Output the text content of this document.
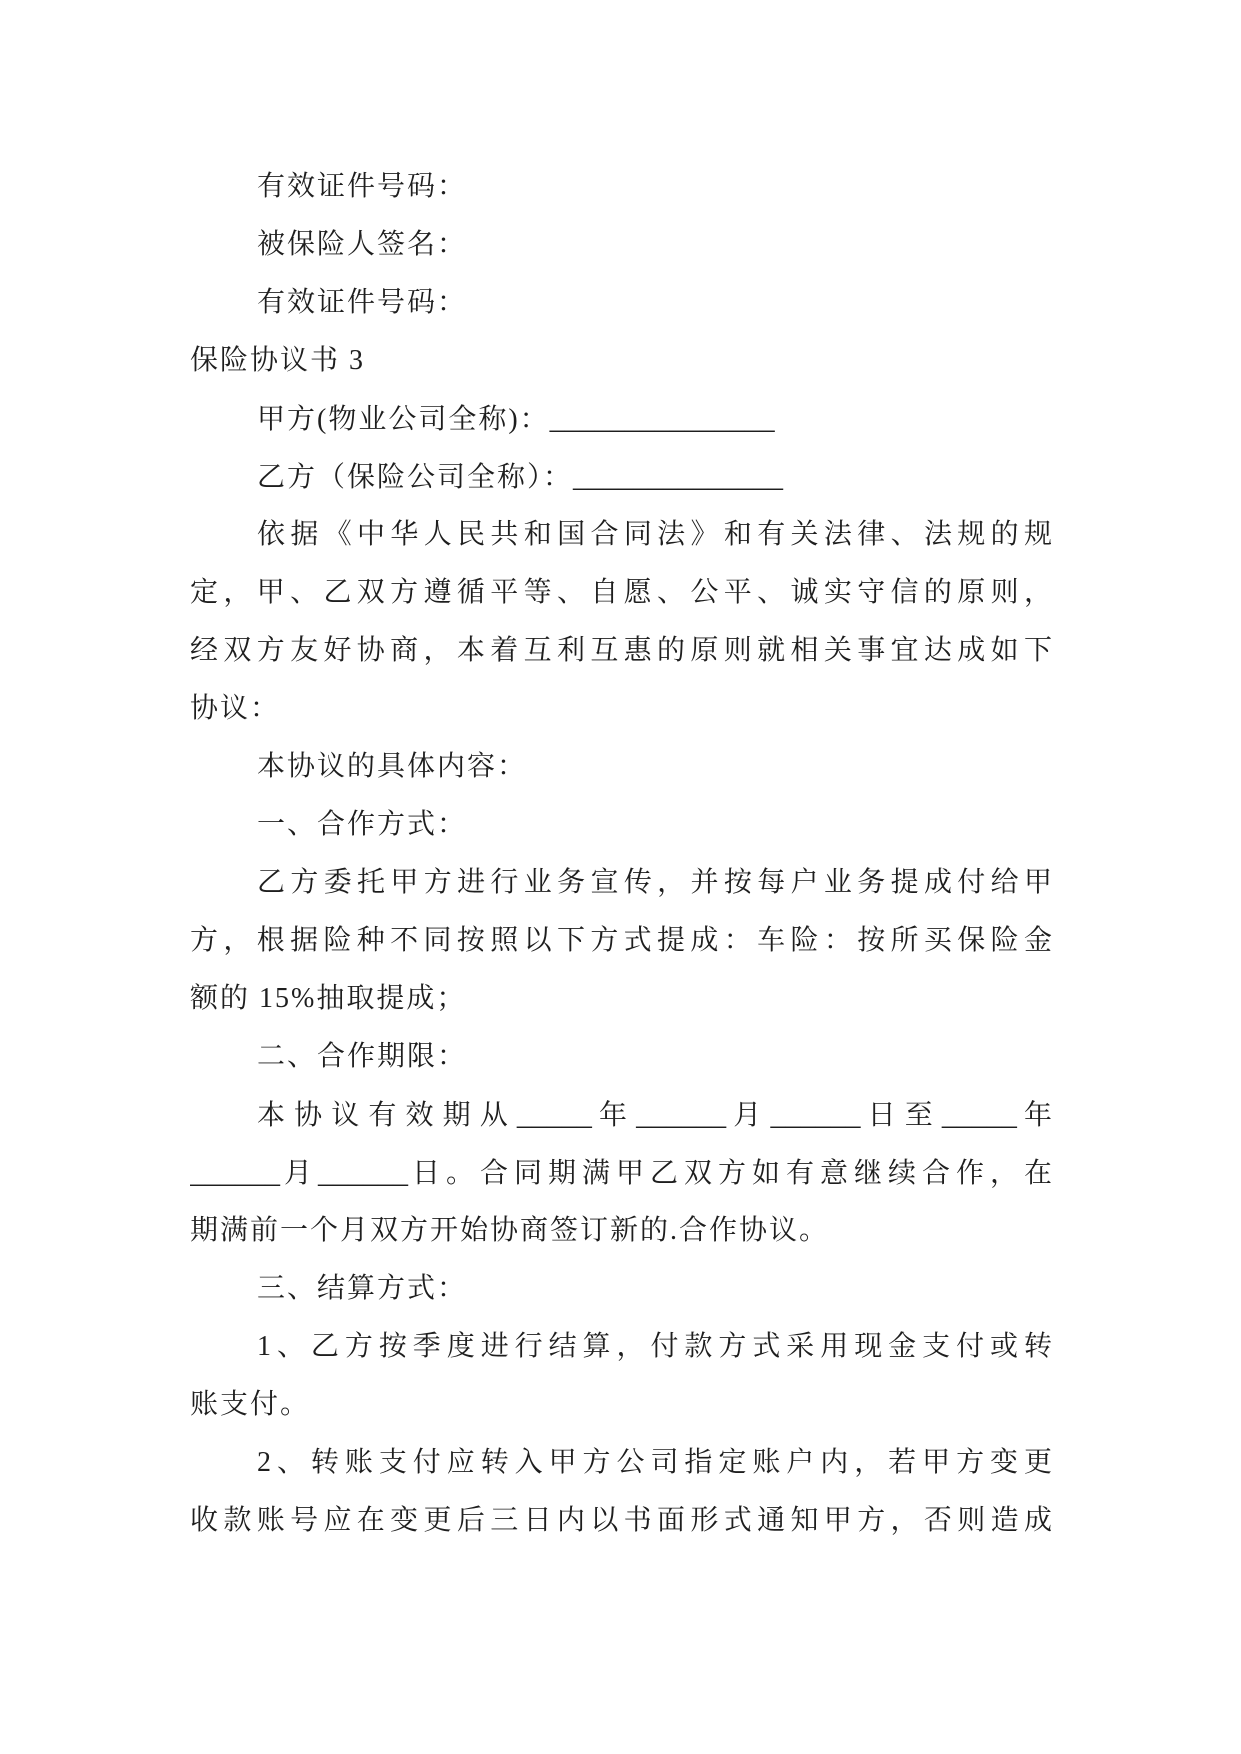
有效证件号码：
被保险人签名：
有效证件号码：
保险协议书 3
甲方(物业公司全称)：_______________
乙方（保险公司全称）：______________
依据《中华人民共和国合同法》和有关法律、法规的规
定，甲、乙双方遵循平等、自愿、公平、诚实守信的原则，
经双方友好协商，本着互利互惠的原则就相关事宜达成如下
协议：
本协议的具体内容：
一、合作方式：
乙方委托甲方进行业务宣传，并按每户业务提成付给甲
方，根据险种不同按照以下方式提成：车险：按所买保险金
额的 15%抽取提成；
二、合作期限：
本协议有效期从_____年______月______日至_____年
______月______日。合同期满甲乙双方如有意继续合作，在
期满前一个月双方开始协商签订新的.合作协议。
三、结算方式：
1、乙方按季度进行结算，付款方式采用现金支付或转
账支付。
2、转账支付应转入甲方公司指定账户内，若甲方变更
收款账号应在变更后三日内以书面形式通知甲方，否则造成
